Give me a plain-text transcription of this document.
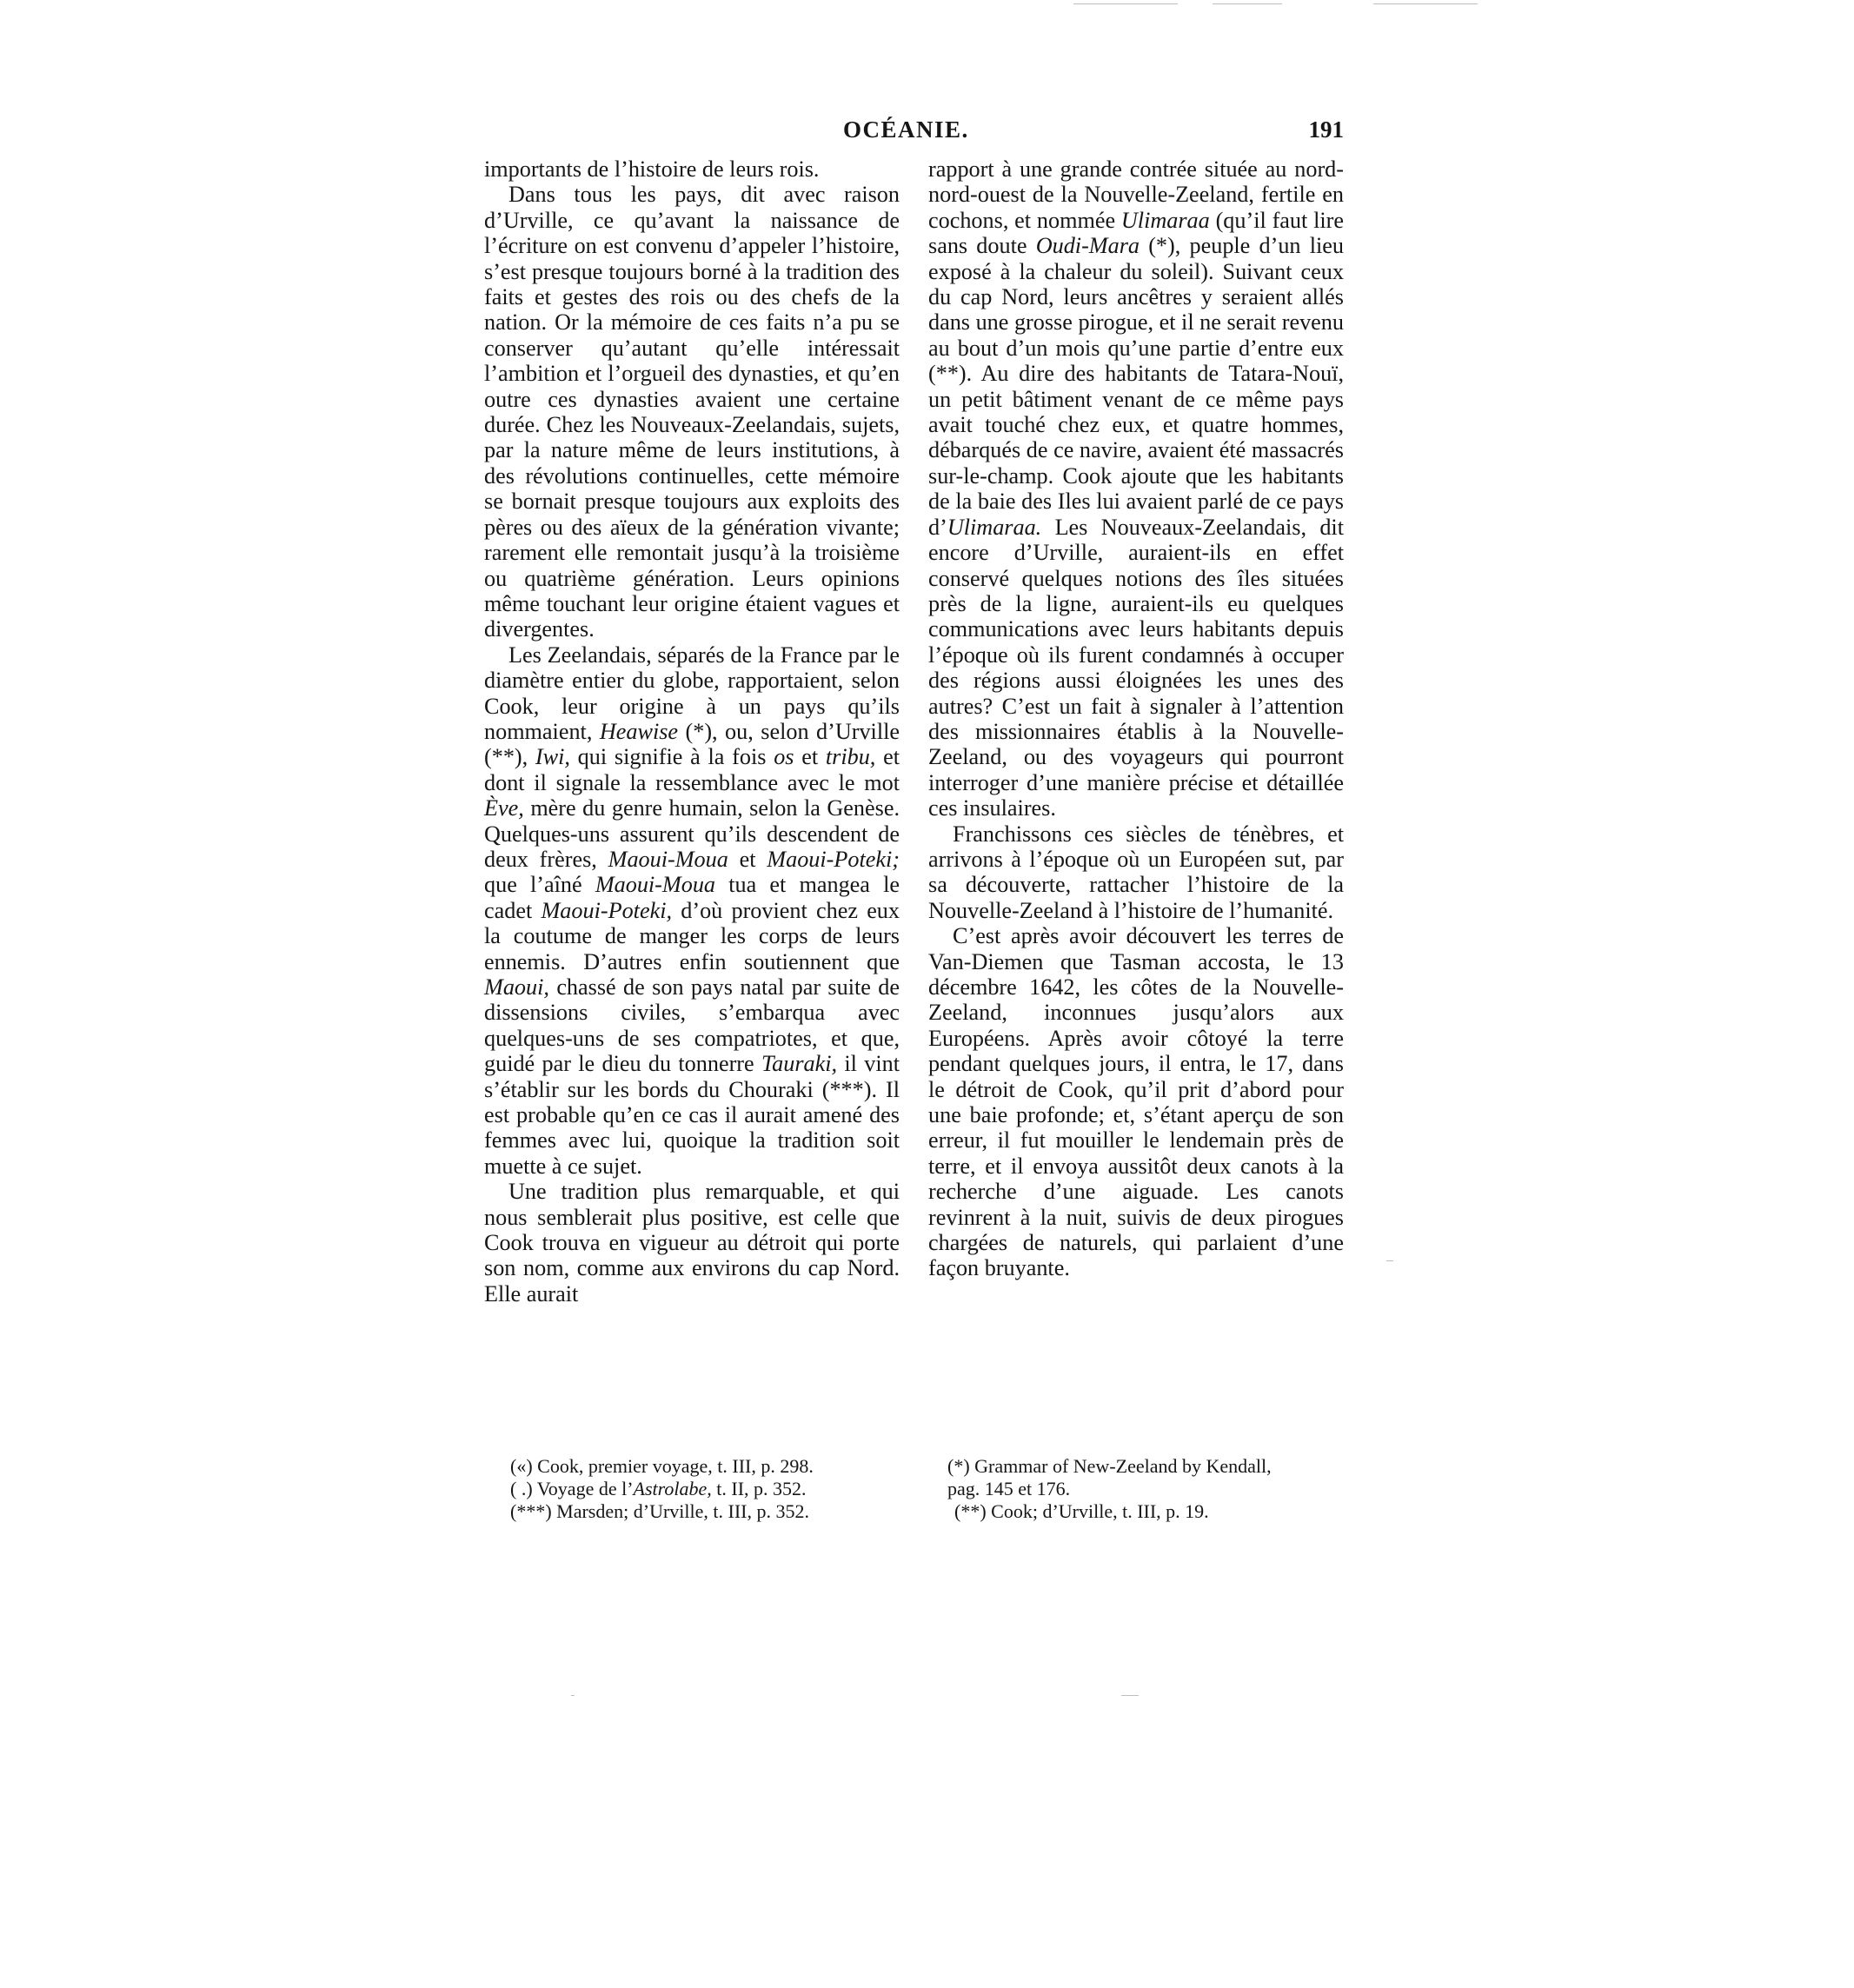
OCÉANIE.	191

importants de l’histoire de leurs rois.

Dans tous les pays, dit avec raison d’Urville, ce qu’avant la naissance de l’écriture on est convenu d’appeler l’histoire, s’est presque toujours borné à la tradition des faits et gestes des rois ou des chefs de la nation. Or la mémoire de ces faits n’a pu se conserver qu’autant qu’elle intéressait l’ambition et l’orgueil des dynasties, et qu’en outre ces dynasties avaient une certaine durée. Chez les Nouveaux-Zeelandais, sujets, par la nature même de leurs institutions, à des révolutions continuelles, cette mémoire se bornait presque toujours aux exploits des pères ou des aïeux de la génération vivante; rarement elle remontait jusqu’à la troisième ou quatrième génération. Leurs opinions même touchant leur origine étaient vagues et divergentes.

Les Zeelandais, séparés de la France par le diamètre entier du globe, rapportaient, selon Cook, leur origine à un pays qu’ils nommaient, Heawise (*), ou, selon d’Urville (**), Iwi, qui signifie à la fois os et tribu, et dont il signale la ressemblance avec le mot Ève, mère du genre humain, selon la Genèse. Quelques-uns assurent qu’ils descendent de deux frères, Maoui-Moua et Maoui-Poteki; que l’aîné Maoui-Moua tua et mangea le cadet Maoui-Poteki, d’où provient chez eux la coutume de manger les corps de leurs ennemis. D’autres enfin soutiennent que Maoui, chassé de son pays natal par suite de dissensions civiles, s’embarqua avec quelques-uns de ses compatriotes, et que, guidé par le dieu du tonnerre Tauraki, il vint s’établir sur les bords du Chouraki (***). Il est probable qu’en ce cas il aurait amené des femmes avec lui, quoique la tradition soit muette à ce sujet.

Une tradition plus remarquable, et qui nous semblerait plus positive, est celle que Cook trouva en vigueur au détroit qui porte son nom, comme aux environs du cap Nord. Elle aurait

rapport à une grande contrée située au nord-nord-ouest de la Nouvelle-Zeeland, fertile en cochons, et nommée Ulimaraa (qu’il faut lire sans doute Oudi-Mara (*), peuple d’un lieu exposé à la chaleur du soleil). Suivant ceux du cap Nord, leurs ancêtres y seraient allés dans une grosse pirogue, et il ne serait revenu au bout d’un mois qu’une partie d’entre eux (**). Au dire des habitants de Tatara-Nouï, un petit bâtiment venant de ce même pays avait touché chez eux, et quatre hommes, débarqués de ce navire, avaient été massacrés sur-le-champ. Cook ajoute que les habitants de la baie des Iles lui avaient parlé de ce pays d’Ulimaraa. Les Nouveaux-Zeelandais, dit encore d’Urville, auraient-ils en effet conservé quelques notions des îles situées près de la ligne, auraient-ils eu quelques communications avec leurs habitants depuis l’époque où ils furent condamnés à occuper des régions aussi éloignées les unes des autres? C’est un fait à signaler à l’attention des missionnaires établis à la Nouvelle-Zeeland, ou des voyageurs qui pourront interroger d’une manière précise et détaillée ces insulaires.

Franchissons ces siècles de ténèbres, et arrivons à l’époque où un Européen sut, par sa découverte, rattacher l’histoire de la Nouvelle-Zeeland à l’histoire de l’humanité.

C’est après avoir découvert les terres de Van-Diemen que Tasman accosta, le 13 décembre 1642, les côtes de la Nouvelle-Zeeland, inconnues jusqu’alors aux Européens. Après avoir côtoyé la terre pendant quelques jours, il entra, le 17, dans le détroit de Cook, qu’il prit d’abord pour une baie profonde; et, s’étant aperçu de son erreur, il fut mouiller le lendemain près de terre, et il envoya aussitôt deux canots à la recherche d’une aiguade. Les canots revinrent à la nuit, suivis de deux pirogues chargées de naturels, qui parlaient d’une façon bruyante.

(«) Cook, premier voyage, t. III, p. 298.
( .) Voyage de l’Astrolabe, t. II, p. 352.
(***) Marsden; d’Urville, t. III, p. 352.
(*) Grammar of New-Zeeland by Kendall,
pag. 145 et 176.
(**) Cook; d’Urville, t. III, p. 19.
